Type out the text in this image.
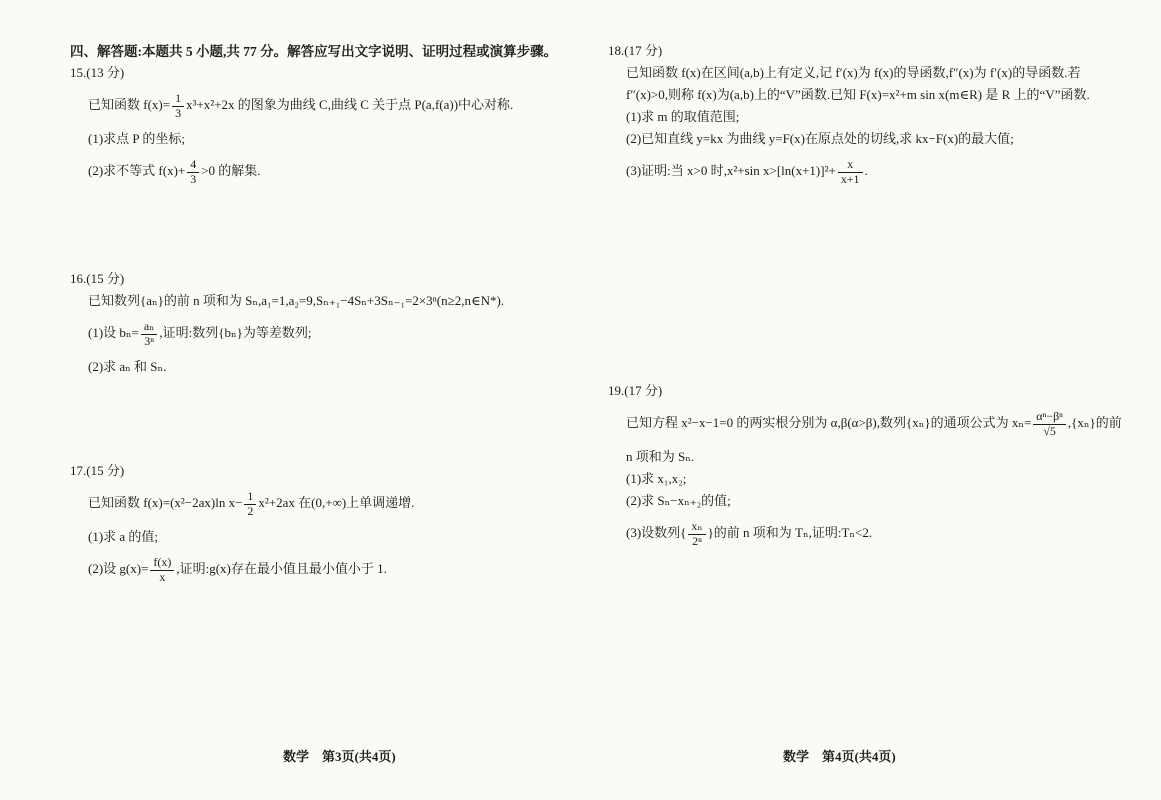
四、解答题:本题共 5 小题,共 77 分。解答应写出文字说明、证明过程或演算步骤。
15.(13 分)
已知函数 $f(x)= \frac{1}{3} x^3+x^2+2x$ 的图象为曲线 C,曲线 C 关于点 P(a,f(a))中心对称.
(1)求点 P 的坐标;
(2)求不等式 $f(x)+ \frac{4}{3} >0$ 的解集.
16.(15 分)
已知数列{aₙ}的前 n 项和为 Sₙ,a₁=1,a₂=9,Sₙ₊₁−4Sₙ+3Sₙ₋₁=2×3ⁿ(n≥2,n∈N*).
(1)设 $b_n= \frac{\text{aₙ}}{\text{3ⁿ}}$ ,证明:数列{bₙ}为等差数列;
(2)求 aₙ 和 Sₙ.
17.(15 分)
已知函数 f(x)=(x²−2ax)ln $x- \frac{1}{2} x^2+2ax$ 在(0,+∞)上单调递增.
(1)求 a 的值;
(2)设 $g(x)= \frac{f(x)}{x}$ ,证明:g(x)存在最小值且最小值小于 1.
18.(17 分)
已知函数 f(x)在区间(a,b)上有定义,记 f′(x)为 f(x)的导函数,f″(x)为 f′(x)的导函数.若
f″(x)>0,则称 f(x)为(a,b)上的“V”函数.已知 F(x)=x²+m sin x(m∈R) 是 R 上的“V”函数.
(1)求 m 的取值范围;
(2)已知直线 y=kx 为曲线 y=F(x)在原点处的切线,求 kx−F(x)的最大值;
(3)证明:当 x>0 时,x²+sin $x>[\ln(x+1)]^2+ \frac{x}{x+1}$ .
19.(17 分)
已知方程 x²−x−1=0 的两实根分别为 α,β(α>β),数列{xₙ}的通项公式为 $x_n= \frac{\text{αⁿ−βⁿ}}{√5} ,\{x_n\}$的前
n 项和为 Sₙ.
(1)求 x₁,x₂;
(2)求 Sₙ−xₙ₊₂的值;
(3)设数列{ $\frac{\text{xₙ}}{\text{2ⁿ}}$ }的前 n 项和为 Tₙ,证明:Tₙ<2.
数学　第3页(共4页)	数学　第4页(共4页)
